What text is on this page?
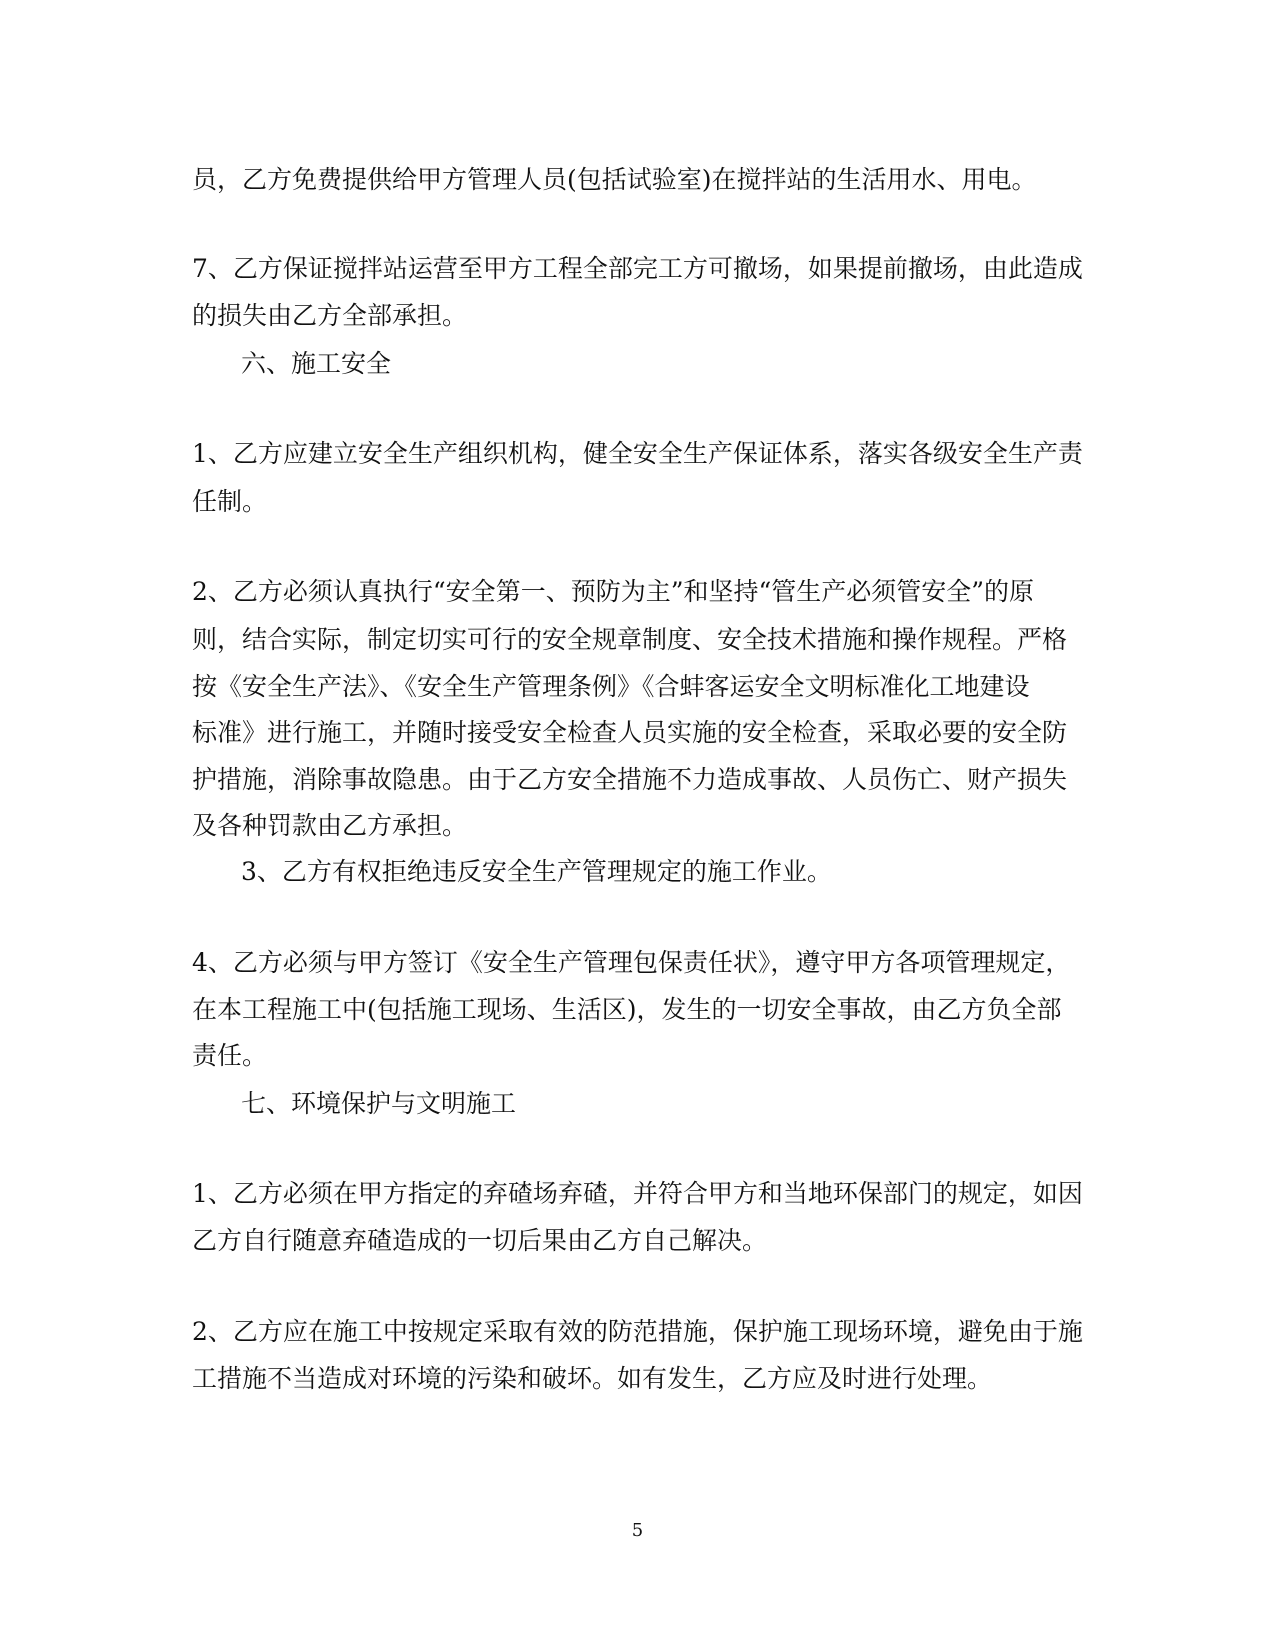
员，乙方免费提供给甲方管理人员(包括试验室)在搅拌站的生活用水、用电。

7、乙方保证搅拌站运营至甲方工程全部完工方可撤场，如果提前撤场，由此造成

的损失由乙方全部承担。

六、施工安全

1、乙方应建立安全生产组织机构，健全安全生产保证体系，落实各级安全生产责

任制。

2、乙方必须认真执行“安全第一、预防为主”和坚持“管生产必须管安全”的原

则，结合实际，制定切实可行的安全规章制度、安全技术措施和操作规程。严格

按《安全生产法》、《安全生产管理条例》《合蚌客运安全文明标准化工地建设

标准》进行施工，并随时接受安全检查人员实施的安全检查，采取必要的安全防

护措施，消除事故隐患。由于乙方安全措施不力造成事故、人员伤亡、财产损失

及各种罚款由乙方承担。

3、乙方有权拒绝违反安全生产管理规定的施工作业。

4、乙方必须与甲方签订《安全生产管理包保责任状》，遵守甲方各项管理规定，

在本工程施工中(包括施工现场、生活区)，发生的一切安全事故，由乙方负全部

责任。

七、环境保护与文明施工

1、乙方必须在甲方指定的弃碴场弃碴，并符合甲方和当地环保部门的规定，如因

乙方自行随意弃碴造成的一切后果由乙方自己解决。

2、乙方应在施工中按规定采取有效的防范措施，保护施工现场环境，避免由于施

工措施不当造成对环境的污染和破坏。如有发生，乙方应及时进行处理。

5
